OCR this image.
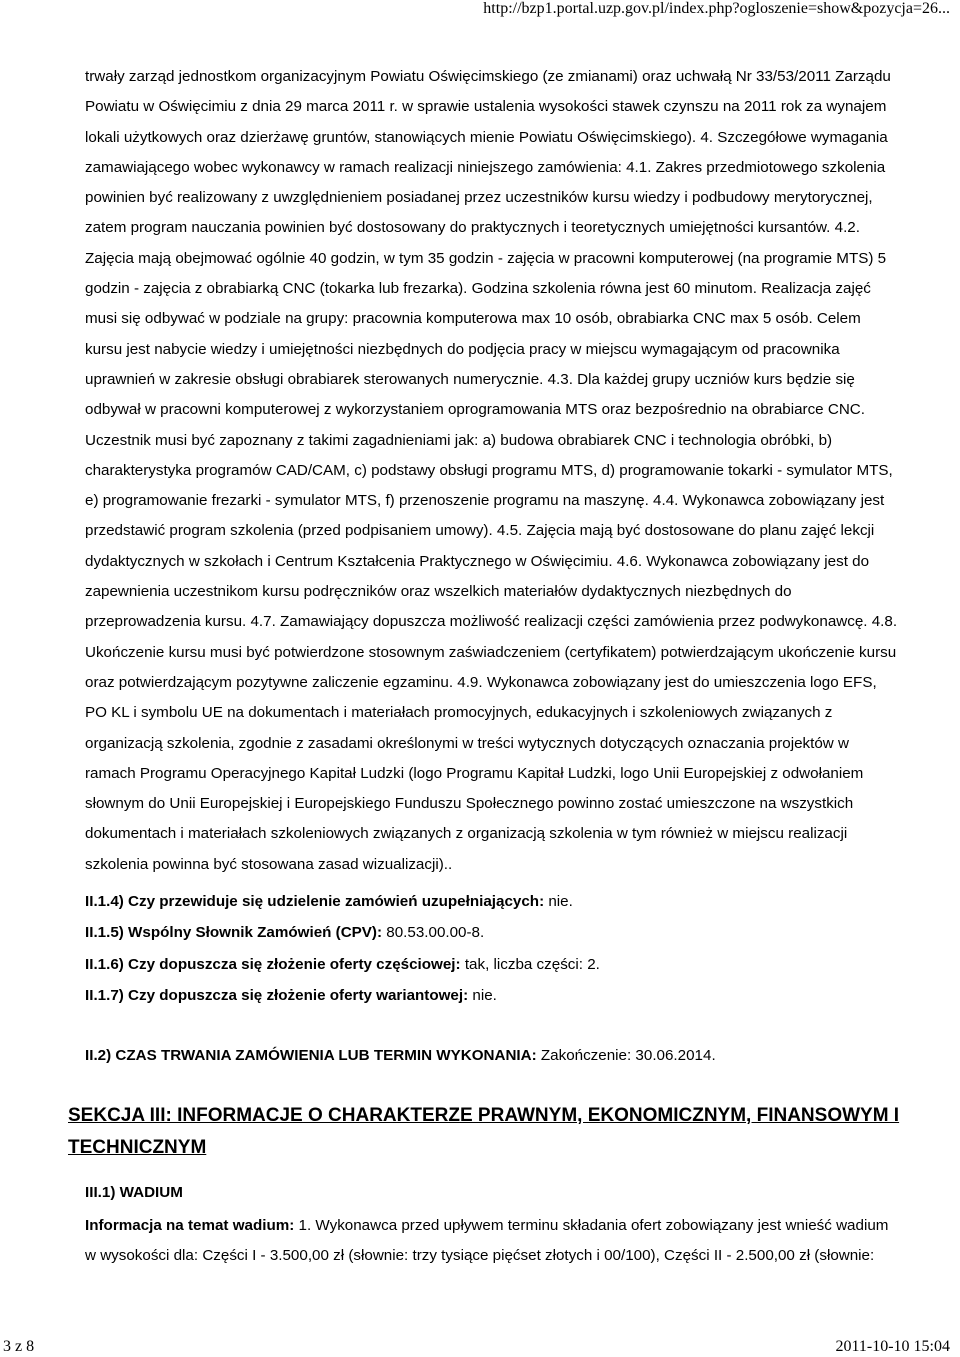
http://bzp1.portal.uzp.gov.pl/index.php?ogloszenie=show&pozycja=26...

trwały zarząd jednostkom organizacyjnym Powiatu Oświęcimskiego (ze zmianami) oraz uchwałą Nr 33/53/2011 Zarządu Powiatu w Oświęcimiu z dnia 29 marca 2011 r. w sprawie ustalenia wysokości stawek czynszu na 2011 rok za wynajem lokali użytkowych oraz dzierżawę gruntów, stanowiących mienie Powiatu Oświęcimskiego). 4. Szczegółowe wymagania zamawiającego wobec wykonawcy w ramach realizacji niniejszego zamówienia: 4.1. Zakres przedmiotowego szkolenia powinien być realizowany z uwzględnieniem posiadanej przez uczestników kursu wiedzy i podbudowy merytorycznej, zatem program nauczania powinien być dostosowany do praktycznych i teoretycznych umiejętności kursantów. 4.2. Zajęcia mają obejmować ogólnie 40 godzin, w tym 35 godzin - zajęcia w pracowni komputerowej (na programie MTS) 5 godzin - zajęcia z obrabiarką CNC (tokarka lub frezarka). Godzina szkolenia równa jest 60 minutom. Realizacja zajęć musi się odbywać w podziale na grupy: pracownia komputerowa max 10 osób, obrabiarka CNC max 5 osób. Celem kursu jest nabycie wiedzy i umiejętności niezbędnych do podjęcia pracy w miejscu wymagającym od pracownika uprawnień w zakresie obsługi obrabiarek sterowanych numerycznie. 4.3. Dla każdej grupy uczniów kurs będzie się odbywał w pracowni komputerowej z wykorzystaniem oprogramowania MTS oraz bezpośrednio na obrabiarce CNC. Uczestnik musi być zapoznany z takimi zagadnieniami jak: a) budowa obrabiarek CNC i technologia obróbki, b) charakterystyka programów CAD/CAM, c) podstawy obsługi programu MTS, d) programowanie tokarki - symulator MTS, e) programowanie frezarki - symulator MTS, f) przenoszenie programu na maszynę. 4.4. Wykonawca zobowiązany jest przedstawić program szkolenia (przed podpisaniem umowy). 4.5. Zajęcia mają być dostosowane do planu zajęć lekcji dydaktycznych w szkołach i Centrum Kształcenia Praktycznego w Oświęcimiu. 4.6. Wykonawca zobowiązany jest do zapewnienia uczestnikom kursu podręczników oraz wszelkich materiałów dydaktycznych niezbędnych do przeprowadzenia kursu. 4.7. Zamawiający dopuszcza możliwość realizacji części zamówienia przez podwykonawcę. 4.8. Ukończenie kursu musi być potwierdzone stosownym zaświadczeniem (certyfikatem) potwierdzającym ukończenie kursu oraz potwierdzającym pozytywne zaliczenie egzaminu. 4.9. Wykonawca zobowiązany jest do umieszczenia logo EFS, PO KL i symbolu UE na dokumentach i materiałach promocyjnych, edukacyjnych i szkoleniowych związanych z organizacją szkolenia, zgodnie z zasadami określonymi w treści wytycznych dotyczących oznaczania projektów w ramach Programu Operacyjnego Kapitał Ludzki (logo Programu Kapitał Ludzki, logo Unii Europejskiej z odwołaniem słownym do Unii Europejskiej i Europejskiego Funduszu Społecznego powinno zostać umieszczone na wszystkich dokumentach i materiałach szkoleniowych związanych z organizacją szkolenia w tym również w miejscu realizacji szkolenia powinna być stosowana zasad wizualizacji)..

II.1.4) Czy przewiduje się udzielenie zamówień uzupełniających: nie.
II.1.5) Wspólny Słownik Zamówień (CPV): 80.53.00.00-8.
II.1.6) Czy dopuszcza się złożenie oferty częściowej: tak, liczba części: 2.
II.1.7) Czy dopuszcza się złożenie oferty wariantowej: nie.
II.2) CZAS TRWANIA ZAMÓWIENIA LUB TERMIN WYKONANIA: Zakończenie: 30.06.2014.
SEKCJA III: INFORMACJE O CHARAKTERZE PRAWNYM, EKONOMICZNYM, FINANSOWYM I TECHNICZNYM
III.1) WADIUM

Informacja na temat wadium: 1. Wykonawca przed upływem terminu składania ofert zobowiązany jest wnieść wadium w wysokości dla: Części I - 3.500,00 zł (słownie: trzy tysiące pięćset złotych i 00/100), Części II - 2.500,00 zł (słownie:

3 z 8	2011-10-10 15:04
